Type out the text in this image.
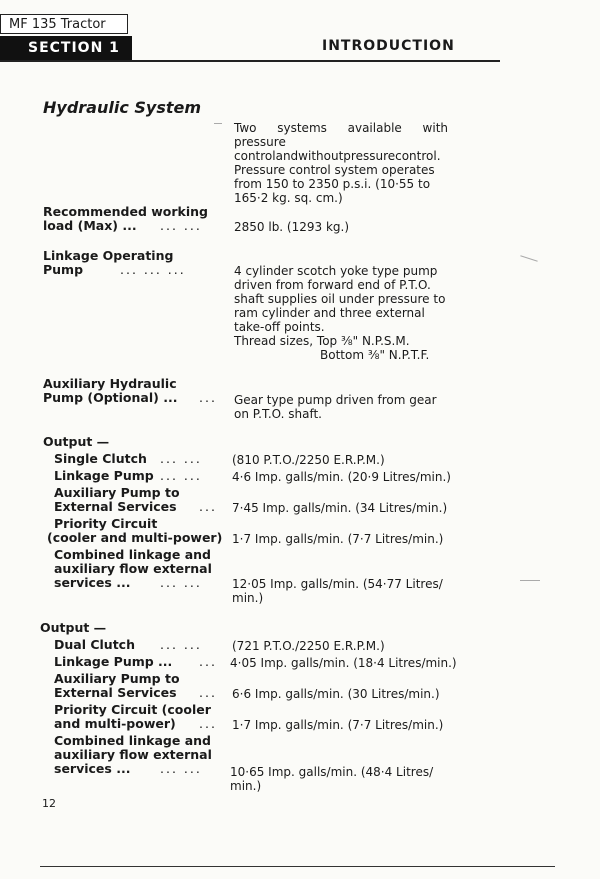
MF 135 Tractor
SECTION 1	INTRODUCTION
Hydraulic System
Two systems available with pressure
controlandwithoutpressurecontrol.
Pressure control system operates
from 150 to 2350 p.s.i. (10·55 to
165·2 kg. sq. cm.)
Recommended working
load (Max) ... ... ...	2850 lb. (1293 kg.)
Linkage Operating
Pump	... ... ...	4 cylinder scotch yoke type pump
driven from forward end of P.T.O.
shaft supplies oil under pressure to
ram cylinder and three external
take-off points.
Thread sizes, Top ⅜" N.P.S.M.
Bottom ⅜" N.P.T.F.
Auxiliary Hydraulic
Pump (Optional) ... ... Gear type pump driven from gear
on P.T.O. shaft.
Output —
Single Clutch ... ...	(810 P.T.O./2250 E.R.P.M.)
Linkage Pump ... ...	4·6 Imp. galls/min. (20·9 Litres/min.)
Auxiliary Pump to
External Services ... 7·45 Imp. galls/min. (34 Litres/min.)
Priority Circuit
(cooler and multi-power) 1·7 Imp. galls/min. (7·7 Litres/min.)
Combined linkage and
auxiliary flow external
services ... ... ...	12·05 Imp. galls/min. (54·77 Litres/
min.)
Output —
Dual Clutch ... ...	(721 P.T.O./2250 E.R.P.M.)
Linkage Pump ... ... 4·05 Imp. galls/min. (18·4 Litres/min.)
Auxiliary Pump to
External Services ... 6·6 Imp. galls/min. (30 Litres/min.)
Priority Circuit (cooler
and multi-power) ... 1·7 Imp. galls/min. (7·7 Litres/min.)
Combined linkage and
auxiliary flow external
services ... ... ... 10·65 Imp. galls/min. (48·4 Litres/
min.)
12
